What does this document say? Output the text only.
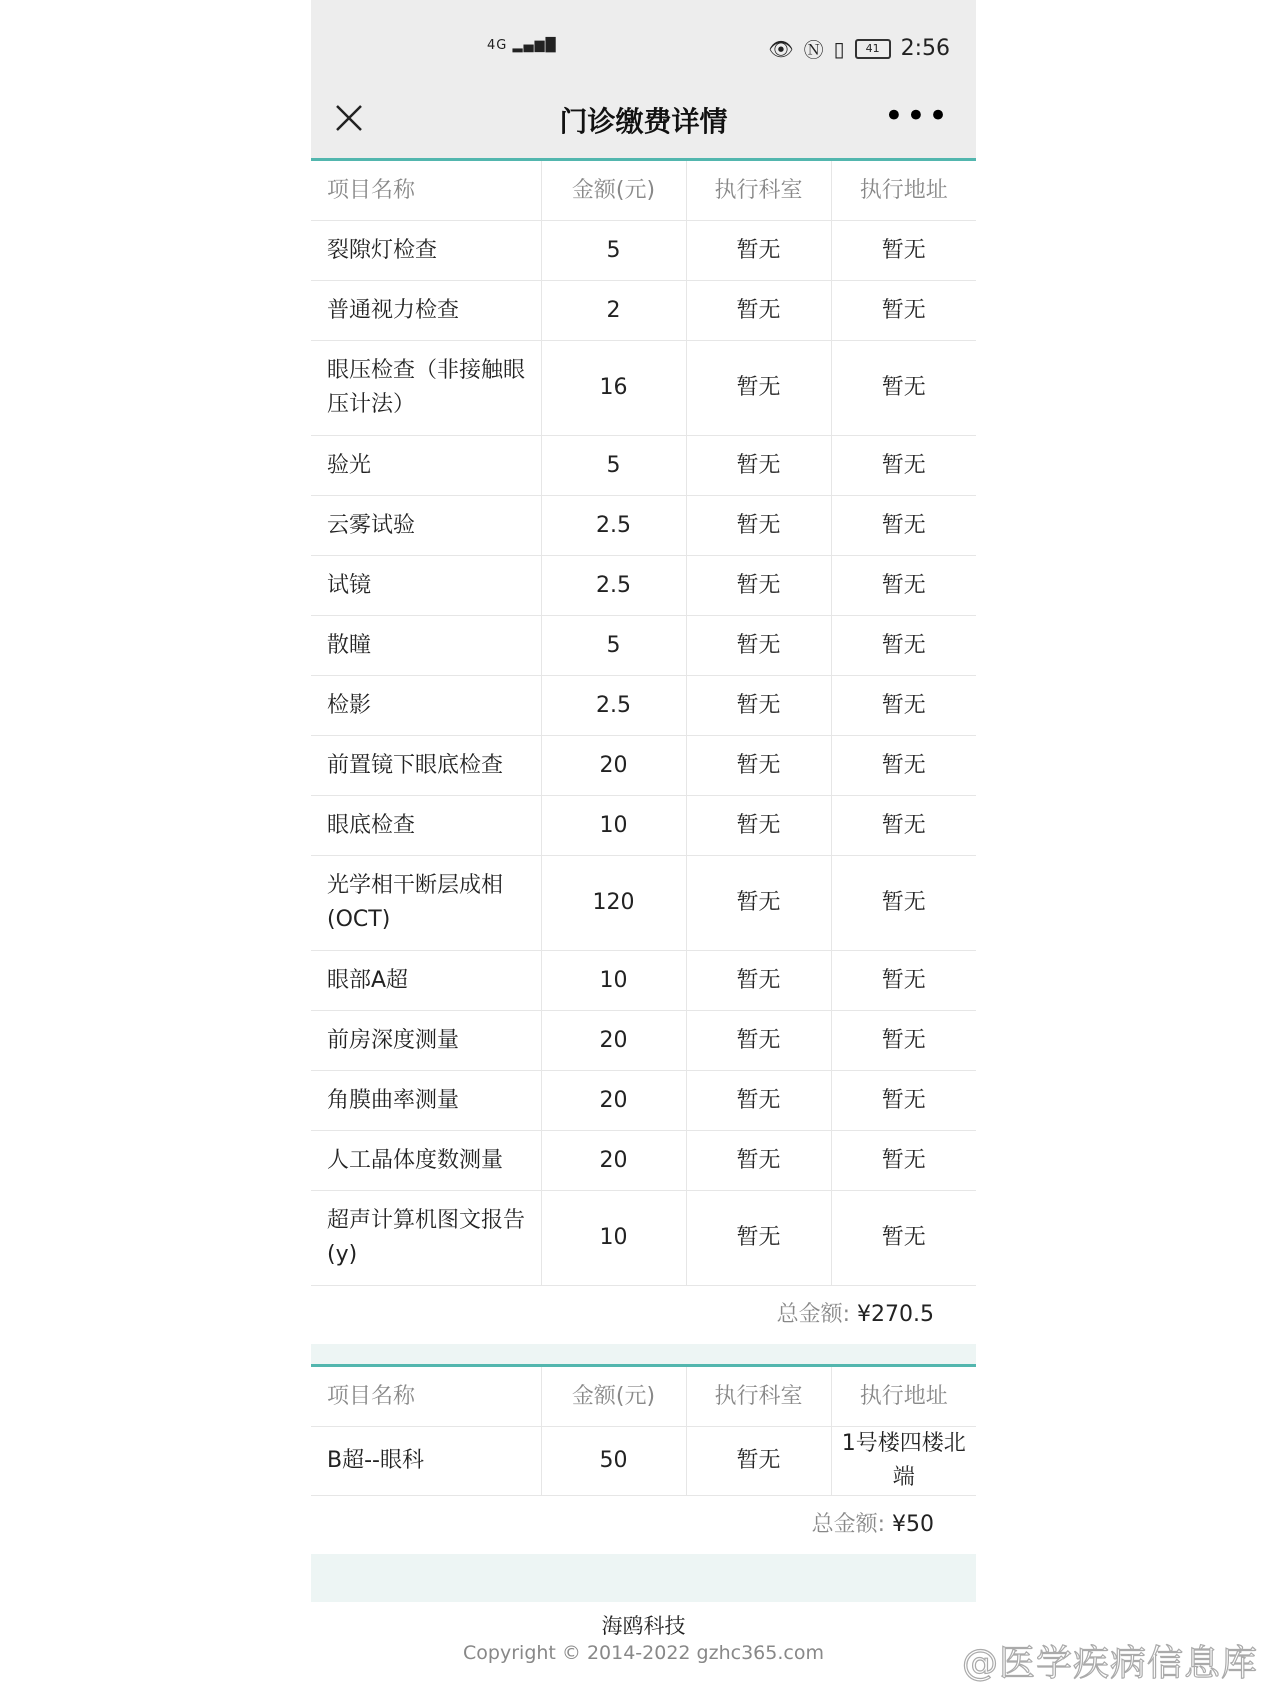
4G ▂▄▆█	👁 Ⓝ ▯ 41 2:56
门诊缴费详情	•••
项目名称	金额(元)	执行科室	执行地址
裂隙灯检查	5	暂无	暂无
普通视力检查	2	暂无	暂无
眼压检查（非接触眼压计法）	16	暂无	暂无
验光	5	暂无	暂无
云雾试验	2.5	暂无	暂无
试镜	2.5	暂无	暂无
散瞳	5	暂无	暂无
检影	2.5	暂无	暂无
前置镜下眼底检查	20	暂无	暂无
眼底检查	10	暂无	暂无
光学相干断层成相(OCT)	120	暂无	暂无
眼部A超	10	暂无	暂无
前房深度测量	20	暂无	暂无
角膜曲率测量	20	暂无	暂无
人工晶体度数测量	20	暂无	暂无
超声计算机图文报告(y)	10	暂无	暂无
总金额: ¥270.5
项目名称	金额(元)	执行科室	执行地址
B超--眼科	50	暂无	1号楼四楼北端
总金额: ¥50
海鸥科技
Copyright © 2014-2022 gzhc365.com	@医学疾病信息库
